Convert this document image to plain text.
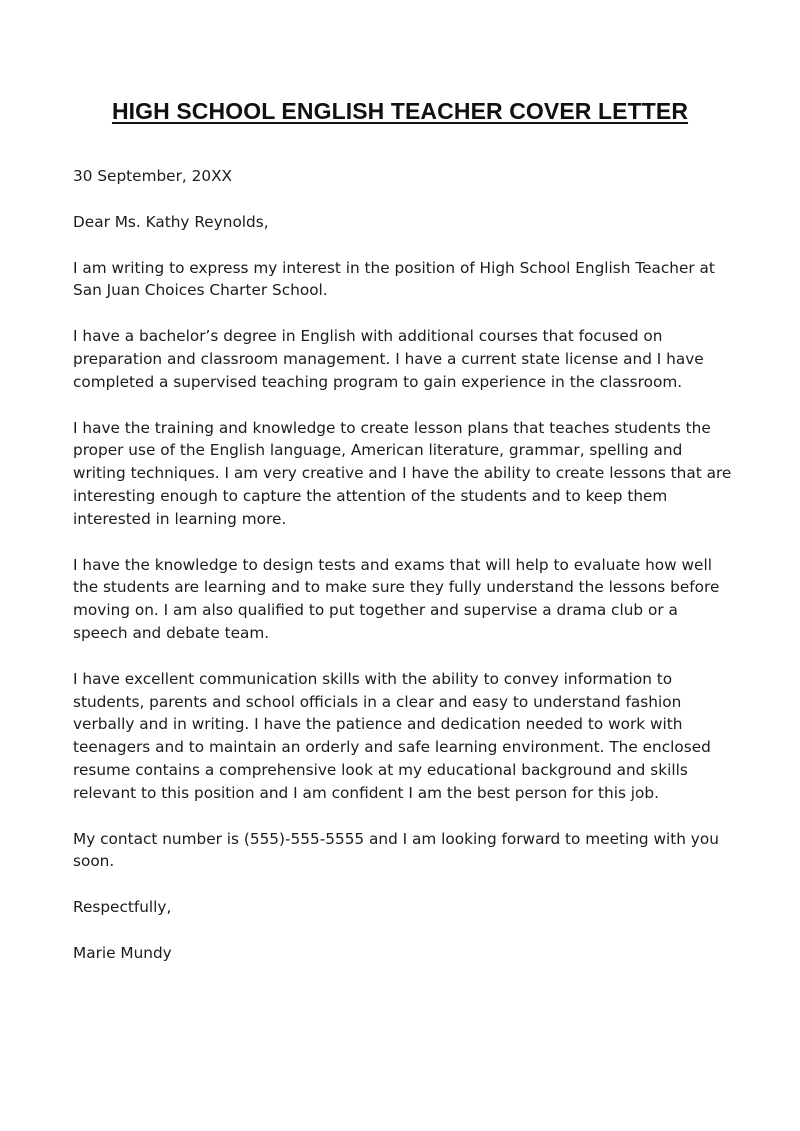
HIGH SCHOOL ENGLISH TEACHER COVER LETTER

30 September, 20XX

Dear Ms. Kathy Reynolds,

I am writing to express my interest in the position of High School English Teacher at San Juan Choices Charter School.

I have a bachelor’s degree in English with additional courses that focused on preparation and classroom management. I have a current state license and I have completed a supervised teaching program to gain experience in the classroom.

I have the training and knowledge to create lesson plans that teaches students the proper use of the English language, American literature, grammar, spelling and writing techniques. I am very creative and I have the ability to create lessons that are interesting enough to capture the attention of the students and to keep them interested in learning more.

I have the knowledge to design tests and exams that will help to evaluate how well the students are learning and to make sure they fully understand the lessons before moving on. I am also qualified to put together and supervise a drama club or a speech and debate team.

I have excellent communication skills with the ability to convey information to students, parents and school officials in a clear and easy to understand fashion verbally and in writing. I have the patience and dedication needed to work with teenagers and to maintain an orderly and safe learning environment. The enclosed resume contains a comprehensive look at my educational background and skills relevant to this position and I am confident I am the best person for this job.

My contact number is (555)-555-5555 and I am looking forward to meeting with you soon.

Respectfully,

Marie Mundy
